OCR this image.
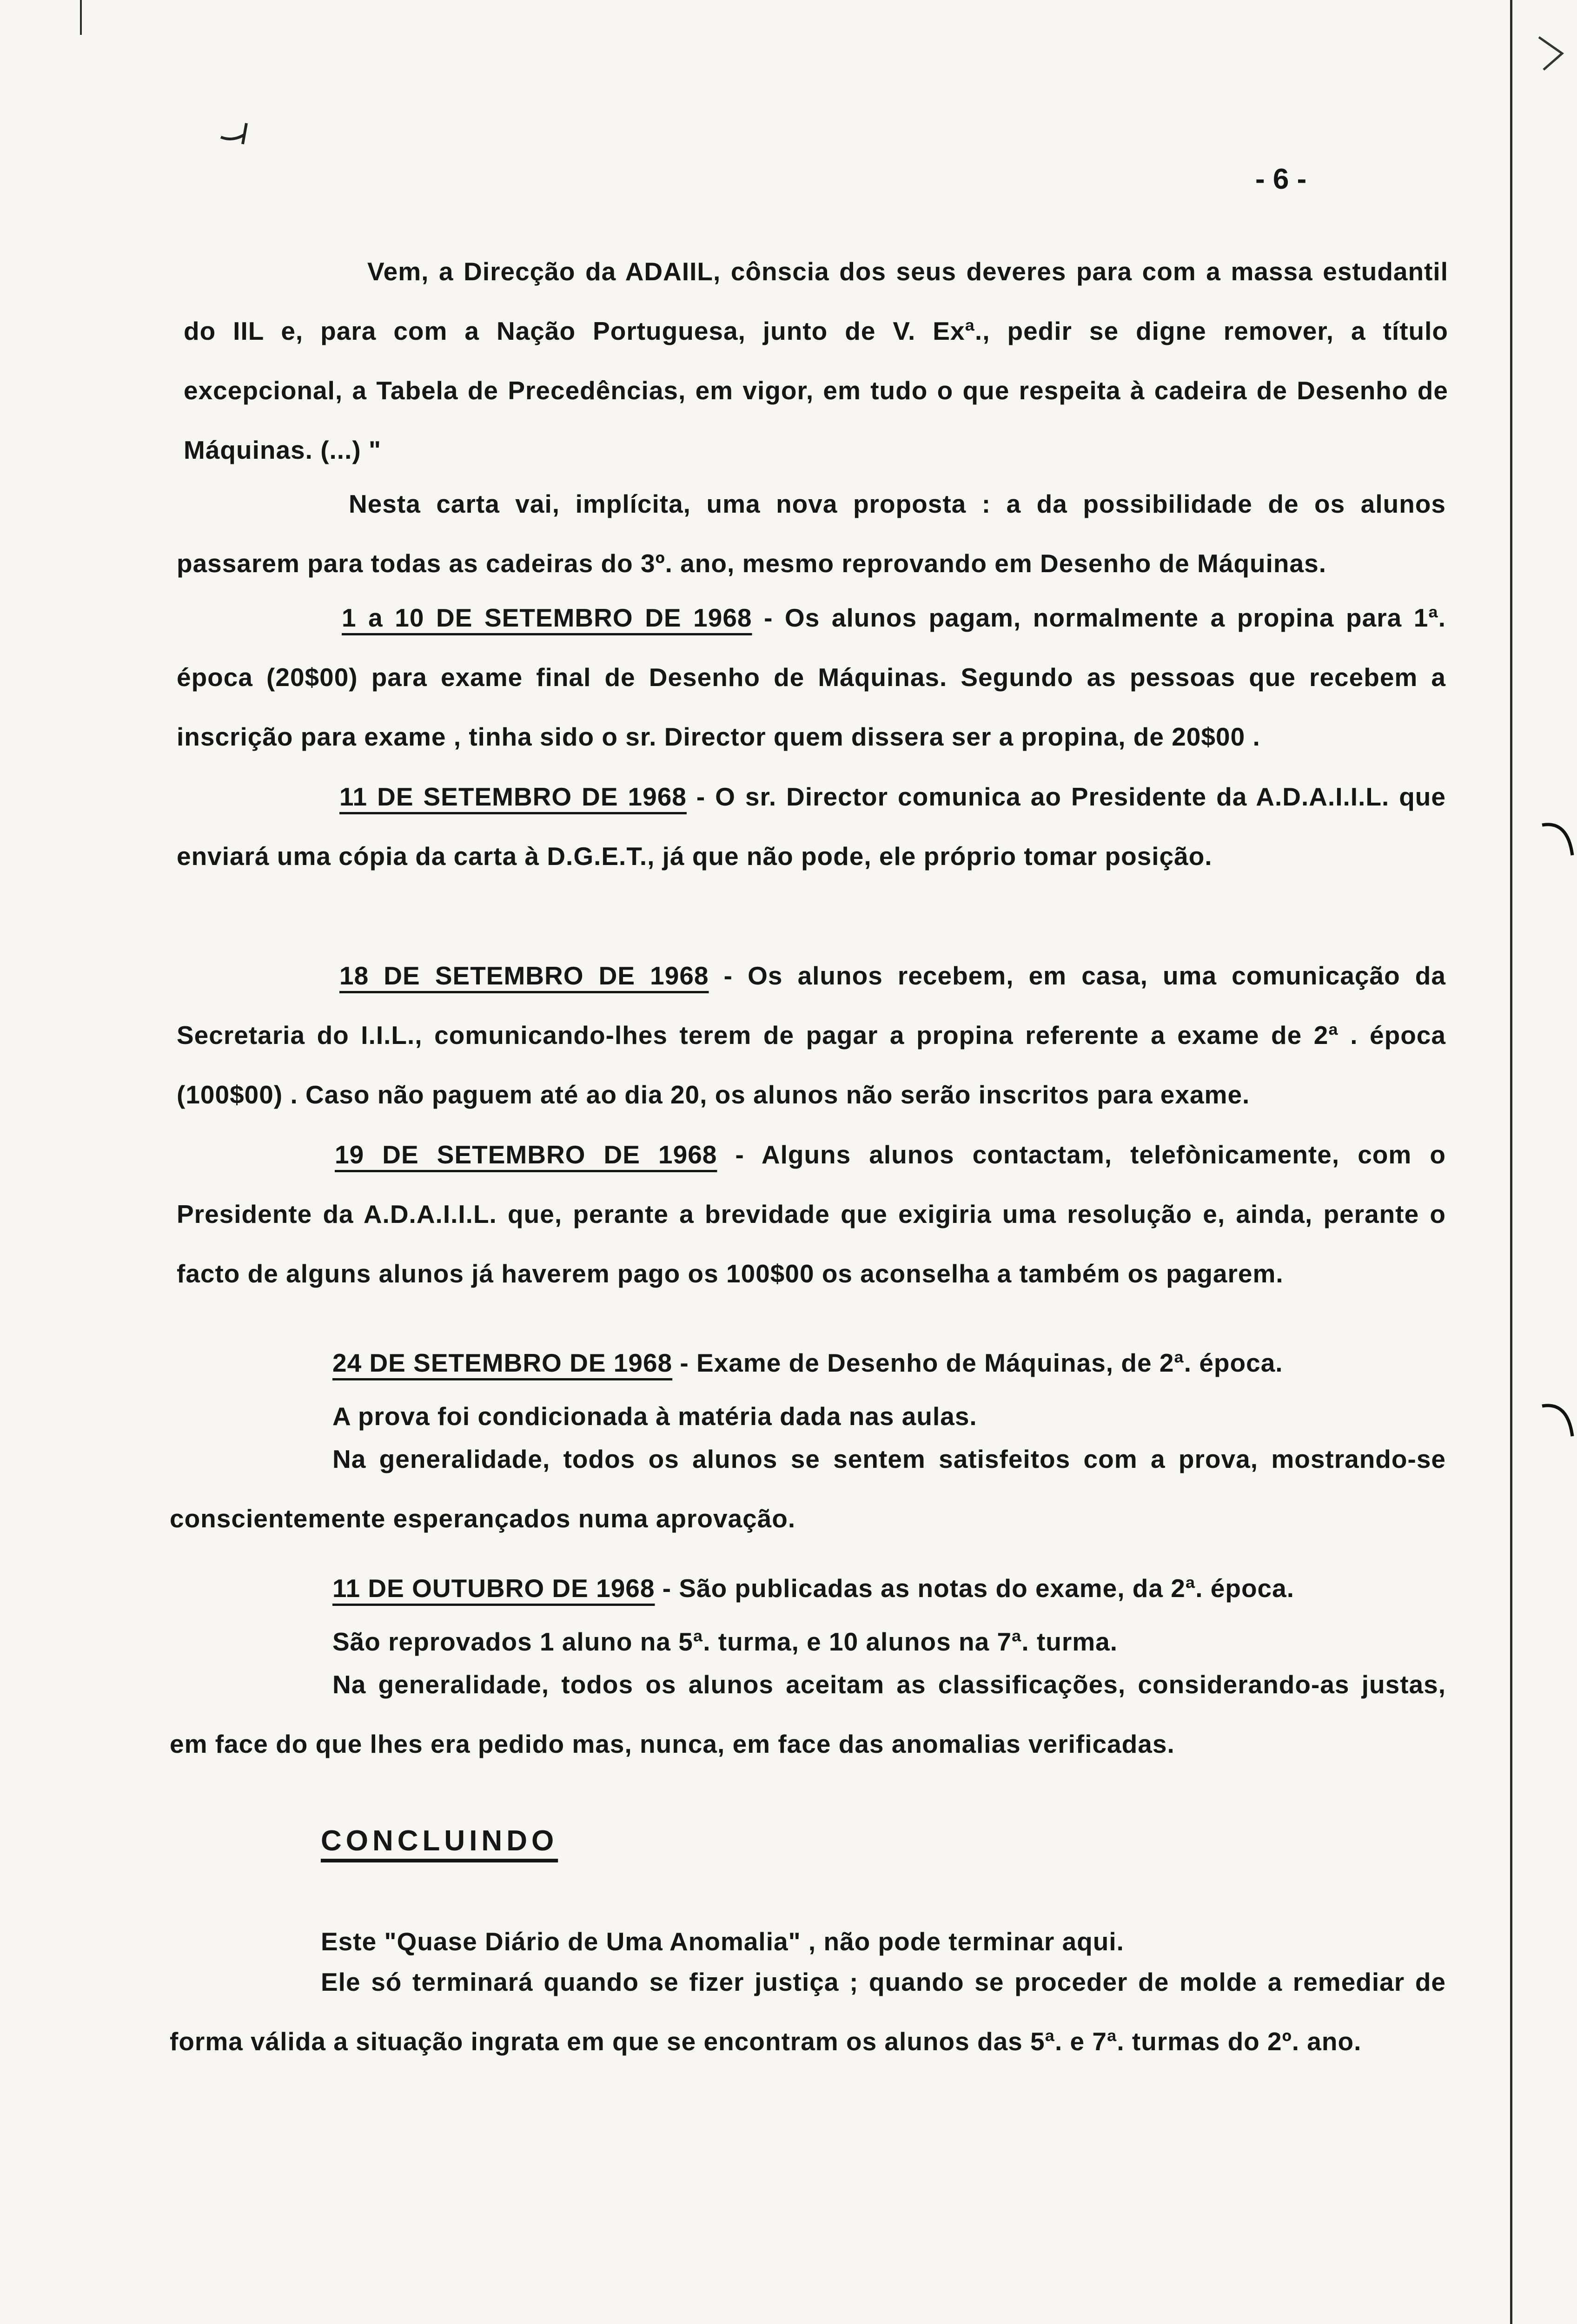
- 6 -

Vem, a Direcção da ADAIIL, cônscia dos seus deveres para com a massa estudantil do IIL e, para com a Nação Portuguesa, junto de V. Exª., pedir se digne remover, a título excepcional, a Tabela de Precedências, em vigor, em tudo o que respeita à cadeira de Desenho de Máquinas. (...) "

Nesta carta vai, implícita, uma nova proposta : a da possibilidade de os alunos passarem para todas as cadeiras do 3º. ano, mesmo reprovando em Desenho de Máquinas.

1 a 10 DE SETEMBRO DE 1968 - Os alunos pagam, normalmente a propina para 1ª. época (20$00) para exame final de Desenho de Máquinas. Segundo as pessoas que recebem a inscrição para exame , tinha sido o sr. Director quem dissera ser a propina, de 20$00 .

11 DE SETEMBRO DE 1968 - O sr. Director comunica ao Presidente da A.D.A.I.I.L. que enviará uma cópia da carta à D.G.E.T., já que não pode, ele próprio tomar posição.

18 DE SETEMBRO DE 1968 - Os alunos recebem, em casa, uma comunicação da Secretaria do I.I.L., comunicando-lhes terem de pagar a propina referente a exame de 2ª . época (100$00) . Caso não paguem até ao dia 20, os alunos não serão inscritos para exame.

19 DE SETEMBRO DE 1968 - Alguns alunos contactam, telefònicamente, com o Presidente da A.D.A.I.I.L. que, perante a brevidade que exigiria uma resolução e, ainda, perante o facto de alguns alunos já haverem pago os 100$00 os aconselha a também os pagarem.

24 DE SETEMBRO DE 1968 - Exame de Desenho de Máquinas, de 2ª. época.
A prova foi condicionada à matéria dada nas aulas.

Na generalidade, todos os alunos se sentem satisfeitos com a prova, mostrando-se conscientemente esperançados numa aprovação.

11 DE OUTUBRO DE 1968 - São publicadas as notas do exame, da 2ª. época.
São reprovados 1 aluno na 5ª. turma, e 10 alunos na 7ª. turma.

Na generalidade, todos os alunos aceitam as classificações, considerando-as justas, em face do que lhes era pedido mas, nunca, em face das anomalias verificadas.

CONCLUINDO
Este "Quase Diário de Uma Anomalia" , não pode terminar aqui.

Ele só terminará quando se fizer justiça ; quando se proceder de molde a remediar de forma válida a situação ingrata em que se encontram os alunos das 5ª. e 7ª. turmas do 2º. ano.
